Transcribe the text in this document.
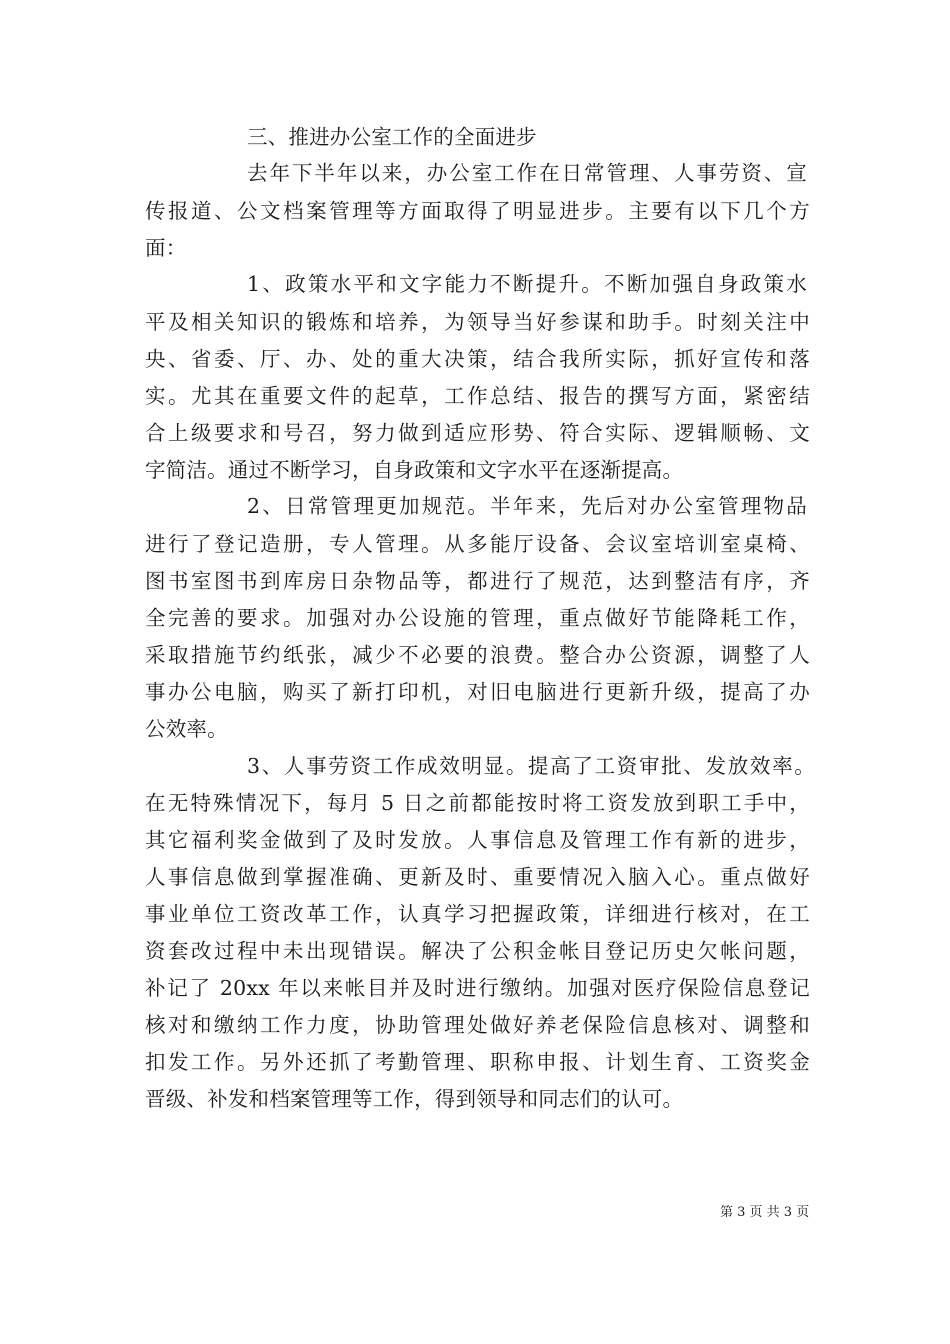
三、推进办公室工作的全面进步
去年下半年以来，办公室工作在日常管理、人事劳资、宣
传报道、公文档案管理等方面取得了明显进步。主要有以下几个方
面：
1、政策水平和文字能力不断提升。不断加强自身政策水
平及相关知识的锻炼和培养，为领导当好参谋和助手。时刻关注中
央、省委、厅、办、处的重大决策，结合我所实际，抓好宣传和落
实。尤其在重要文件的起草，工作总结、报告的撰写方面，紧密结
合上级要求和号召，努力做到适应形势、符合实际、逻辑顺畅、文
字简洁。通过不断学习，自身政策和文字水平在逐渐提高。
2、日常管理更加规范。半年来，先后对办公室管理物品
进行了登记造册，专人管理。从多能厅设备、会议室培训室桌椅、
图书室图书到库房日杂物品等，都进行了规范，达到整洁有序，齐
全完善的要求。加强对办公设施的管理，重点做好节能降耗工作，
采取措施节约纸张，减少不必要的浪费。整合办公资源，调整了人
事办公电脑，购买了新打印机，对旧电脑进行更新升级，提高了办
公效率。
3、人事劳资工作成效明显。提高了工资审批、发放效率。
在无特殊情况下，每月 5 日之前都能按时将工资发放到职工手中，
其它福利奖金做到了及时发放。人事信息及管理工作有新的进步，
人事信息做到掌握准确、更新及时、重要情况入脑入心。重点做好
事业单位工资改革工作，认真学习把握政策，详细进行核对，在工
资套改过程中未出现错误。解决了公积金帐目登记历史欠帐问题，
补记了 20xx 年以来帐目并及时进行缴纳。加强对医疗保险信息登记
核对和缴纳工作力度，协助管理处做好养老保险信息核对、调整和
扣发工作。另外还抓了考勤管理、职称申报、计划生育、工资奖金
晋级、补发和档案管理等工作，得到领导和同志们的认可。
第 3 页 共 3 页
